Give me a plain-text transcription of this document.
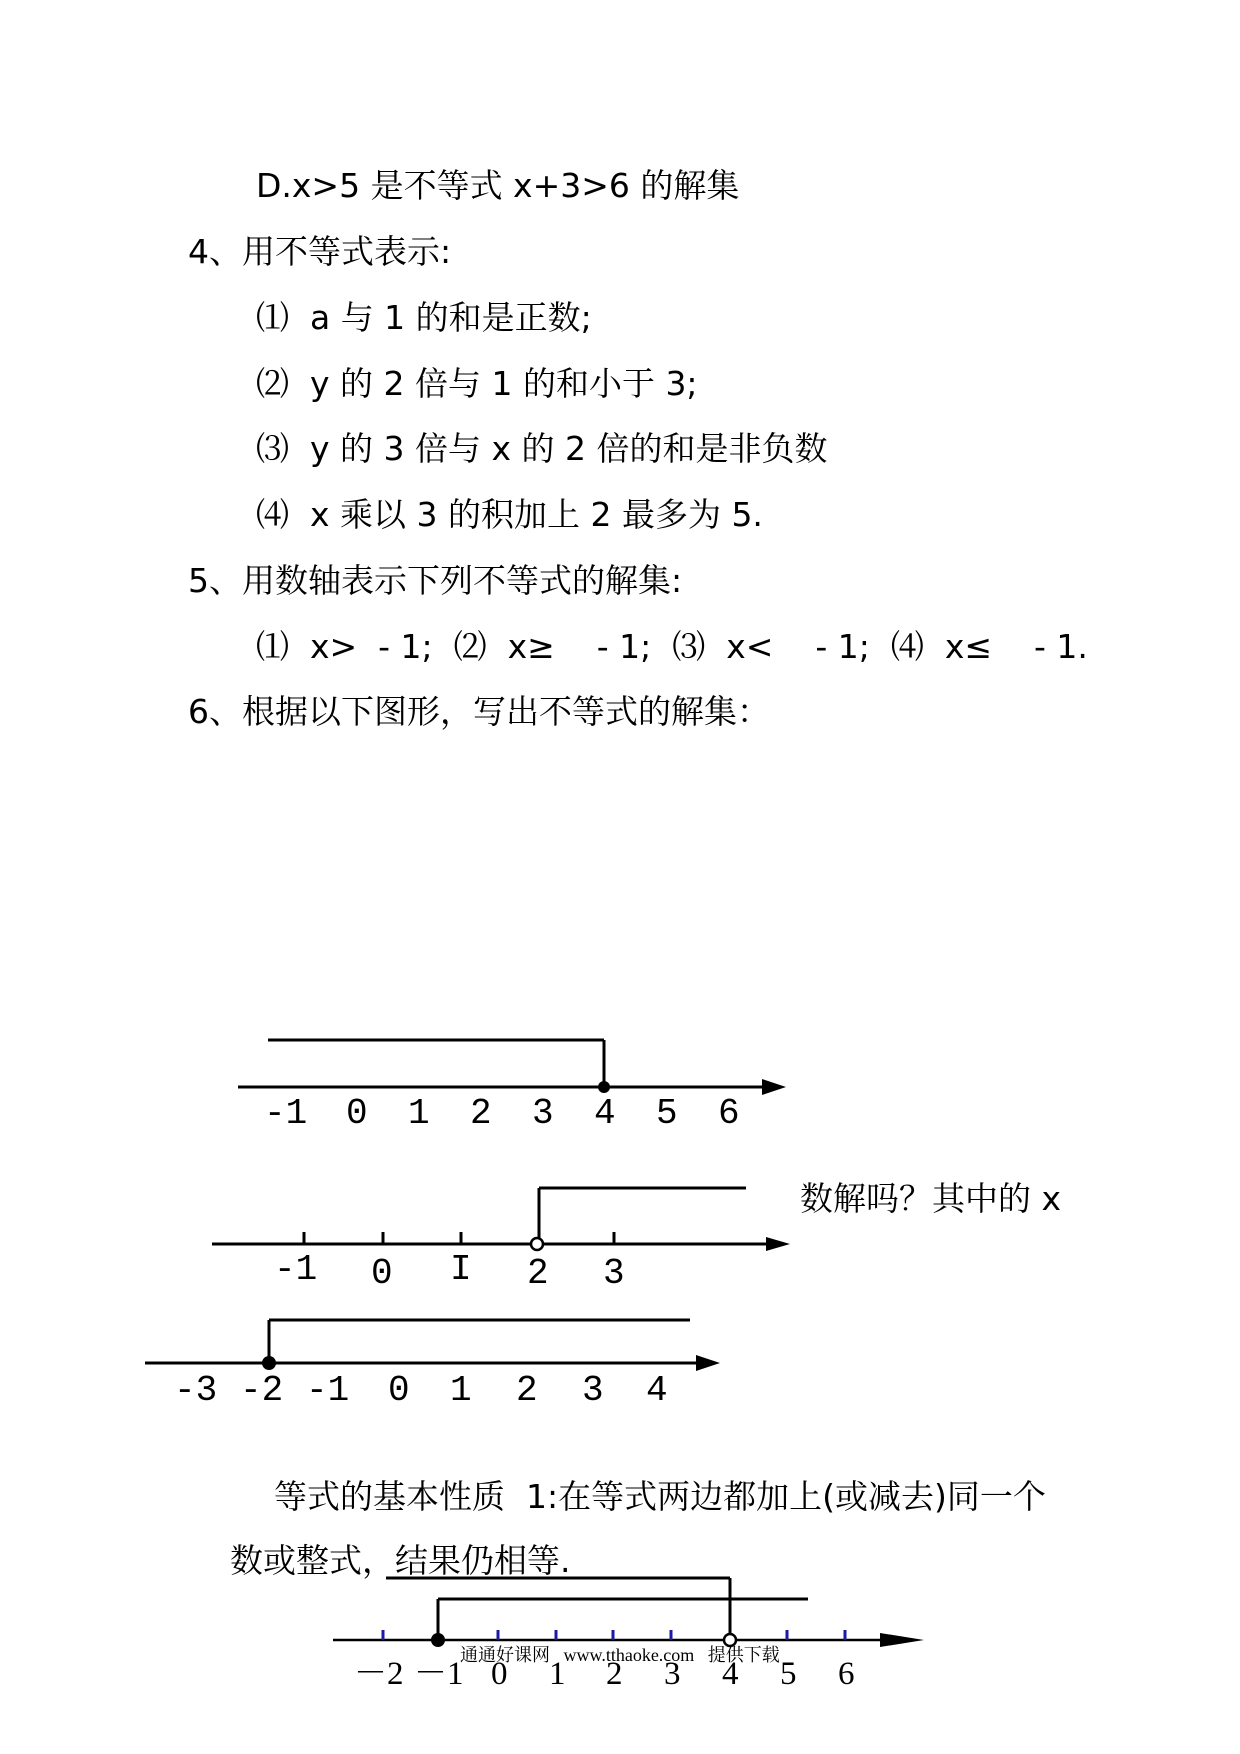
D.x>5 是不等式 x+3>6 的解集
4、用不等式表示:
⑴  a 与 1 的和是正数;
⑵  y 的 2 倍与 1 的和小于 3;
⑶  y 的 3 倍与 x 的 2 倍的和是非负数
⑷  x 乘以 3 的积加上 2 最多为 5.
5、用数轴表示下列不等式的解集:
⑴  x>  - 1;  ⑵  x≥    - 1;  ⑶  x<    - 1;  ⑷  x≤    - 1.
6、根据以下图形，写出不等式的解集：
数解吗？其中的 x
等式的基本性质  1:在等式两边都加上(或减去)同一个
数或整式，结果仍相等.
-1 0 1 2 3 4 5 6
-1 0 I 2 3
-3 -2 -1 0 1 2 3 4
－2 －1 0 1 2 3 4 5 6
通通好课网   www.tthaoke.com   提供下载
